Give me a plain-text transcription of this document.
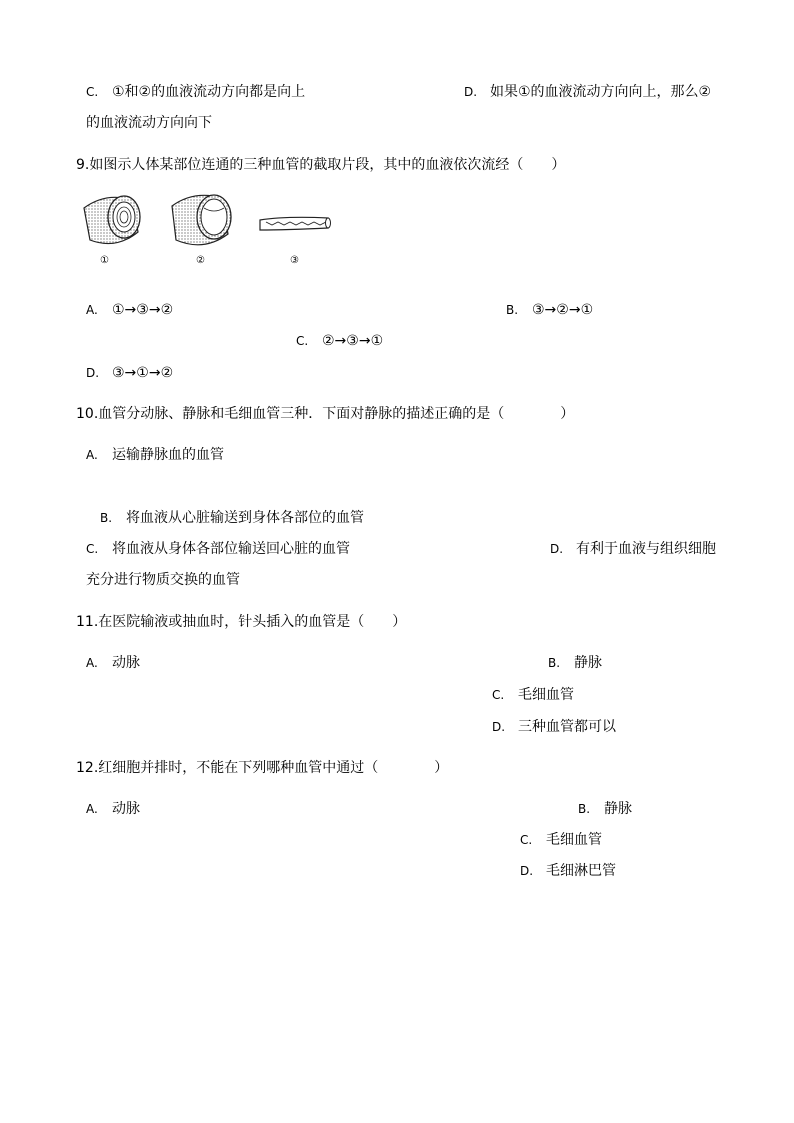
C. ①和②的血液流动方向都是向上	D. 如果①的血液流动方向向上，那么②
的血液流动方向向下
9.如图示人体某部位连通的三种血管的截取片段，其中的血液依次流经（　　）
①	②	③
A. ①→③→②	B. ③→②→①
C. ②→③→①
D. ③→①→②
10.血管分动脉、静脉和毛细血管三种．下面对静脉的描述正确的是（　　　　）
A. 运输静脉血的血管
B. 将血液从心脏输送到身体各部位的血管
C. 将血液从身体各部位输送回心脏的血管	D. 有利于血液与组织细胞
充分进行物质交换的血管
11.在医院输液或抽血时，针头插入的血管是（　　）
A. 动脉	B. 静脉
C. 毛细血管
D. 三种血管都可以
12.红细胞并排时，不能在下列哪种血管中通过（　　　　）
A. 动脉	B. 静脉
C. 毛细血管
D. 毛细淋巴管
